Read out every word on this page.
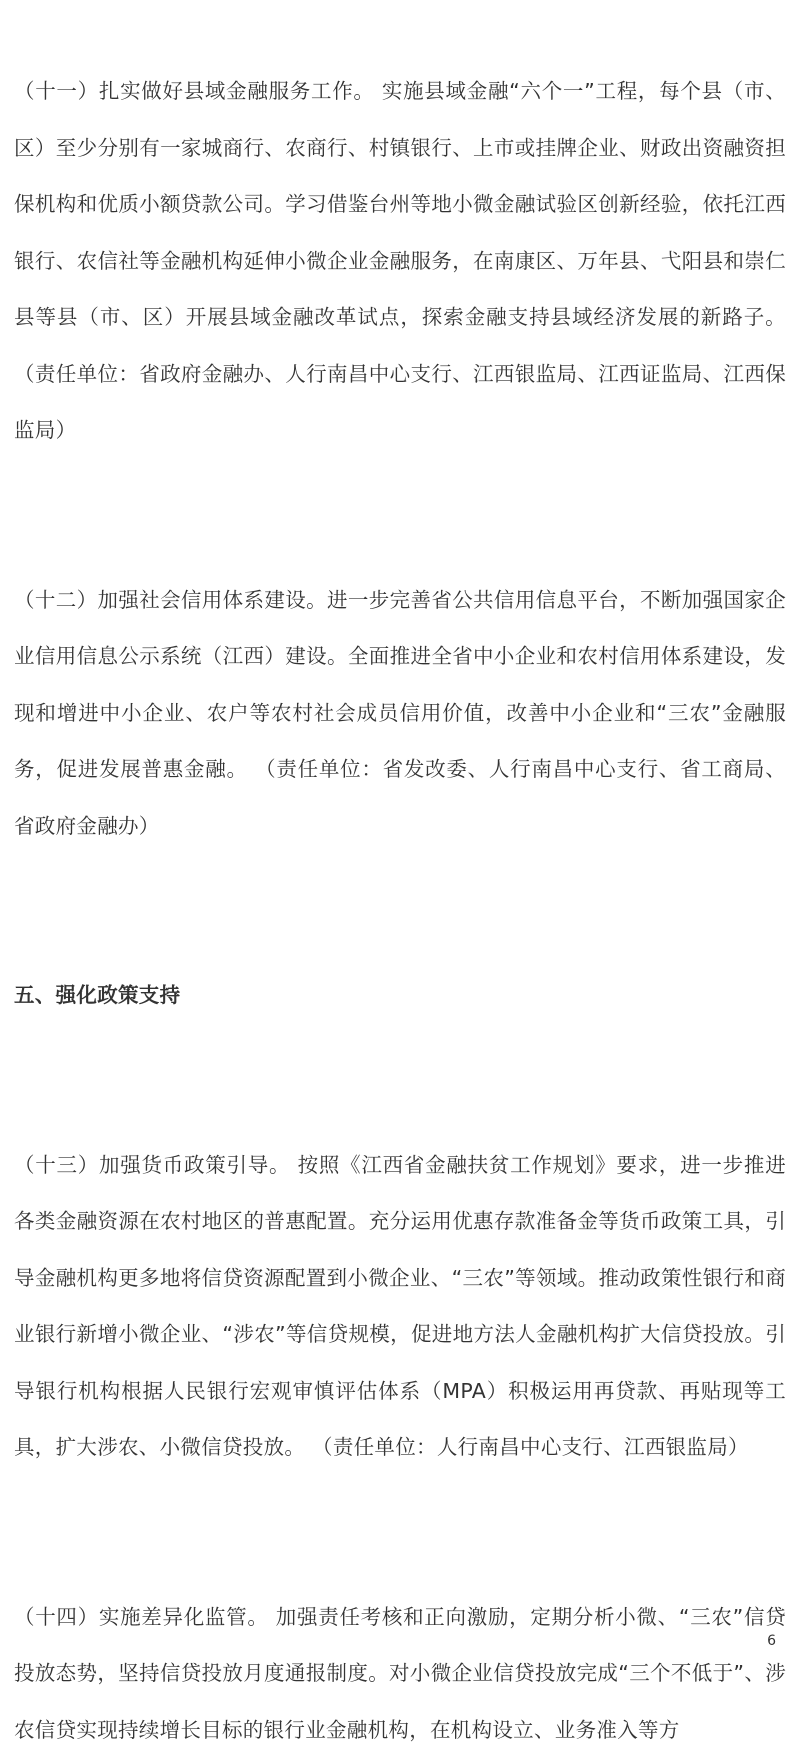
（十一）扎实做好县域金融服务工作。 实施县域金融“六个一”工程，每个县（市、区）至少分别有一家城商行、农商行、村镇银行、上市或挂牌企业、财政出资融资担保机构和优质小额贷款公司。学习借鉴台州等地小微金融试验区创新经验，依托江西银行、农信社等金融机构延伸小微企业金融服务，在南康区、万年县、弋阳县和崇仁县等县（市、区）开展县域金融改革试点，探索金融支持县域经济发展的新路子。 （责任单位：省政府金融办、人行南昌中心支行、江西银监局、江西证监局、江西保监局）

（十二）加强社会信用体系建设。进一步完善省公共信用信息平台，不断加强国家企业信用信息公示系统（江西）建设。全面推进全省中小企业和农村信用体系建设，发现和增进中小企业、农户等农村社会成员信用价值，改善中小企业和“三农”金融服务，促进发展普惠金融。 （责任单位：省发改委、人行南昌中心支行、省工商局、省政府金融办）

五、强化政策支持

（十三）加强货币政策引导。 按照《江西省金融扶贫工作规划》要求，进一步推进各类金融资源在农村地区的普惠配置。充分运用优惠存款准备金等货币政策工具，引导金融机构更多地将信贷资源配置到小微企业、“三农”等领域。推动政策性银行和商业银行新增小微企业、“涉农”等信贷规模，促进地方法人金融机构扩大信贷投放。引导银行机构根据人民银行宏观审慎评估体系（MPA）积极运用再贷款、再贴现等工具，扩大涉农、小微信贷投放。 （责任单位：人行南昌中心支行、江西银监局）

（十四）实施差异化监管。 加强责任考核和正向激励，定期分析小微、“三农”信贷投放态势，坚持信贷投放月度通报制度。对小微企业信贷投放完成“三个不低于”、涉农信贷实现持续增长目标的银行业金融机构，在机构设立、业务准入等方

6
